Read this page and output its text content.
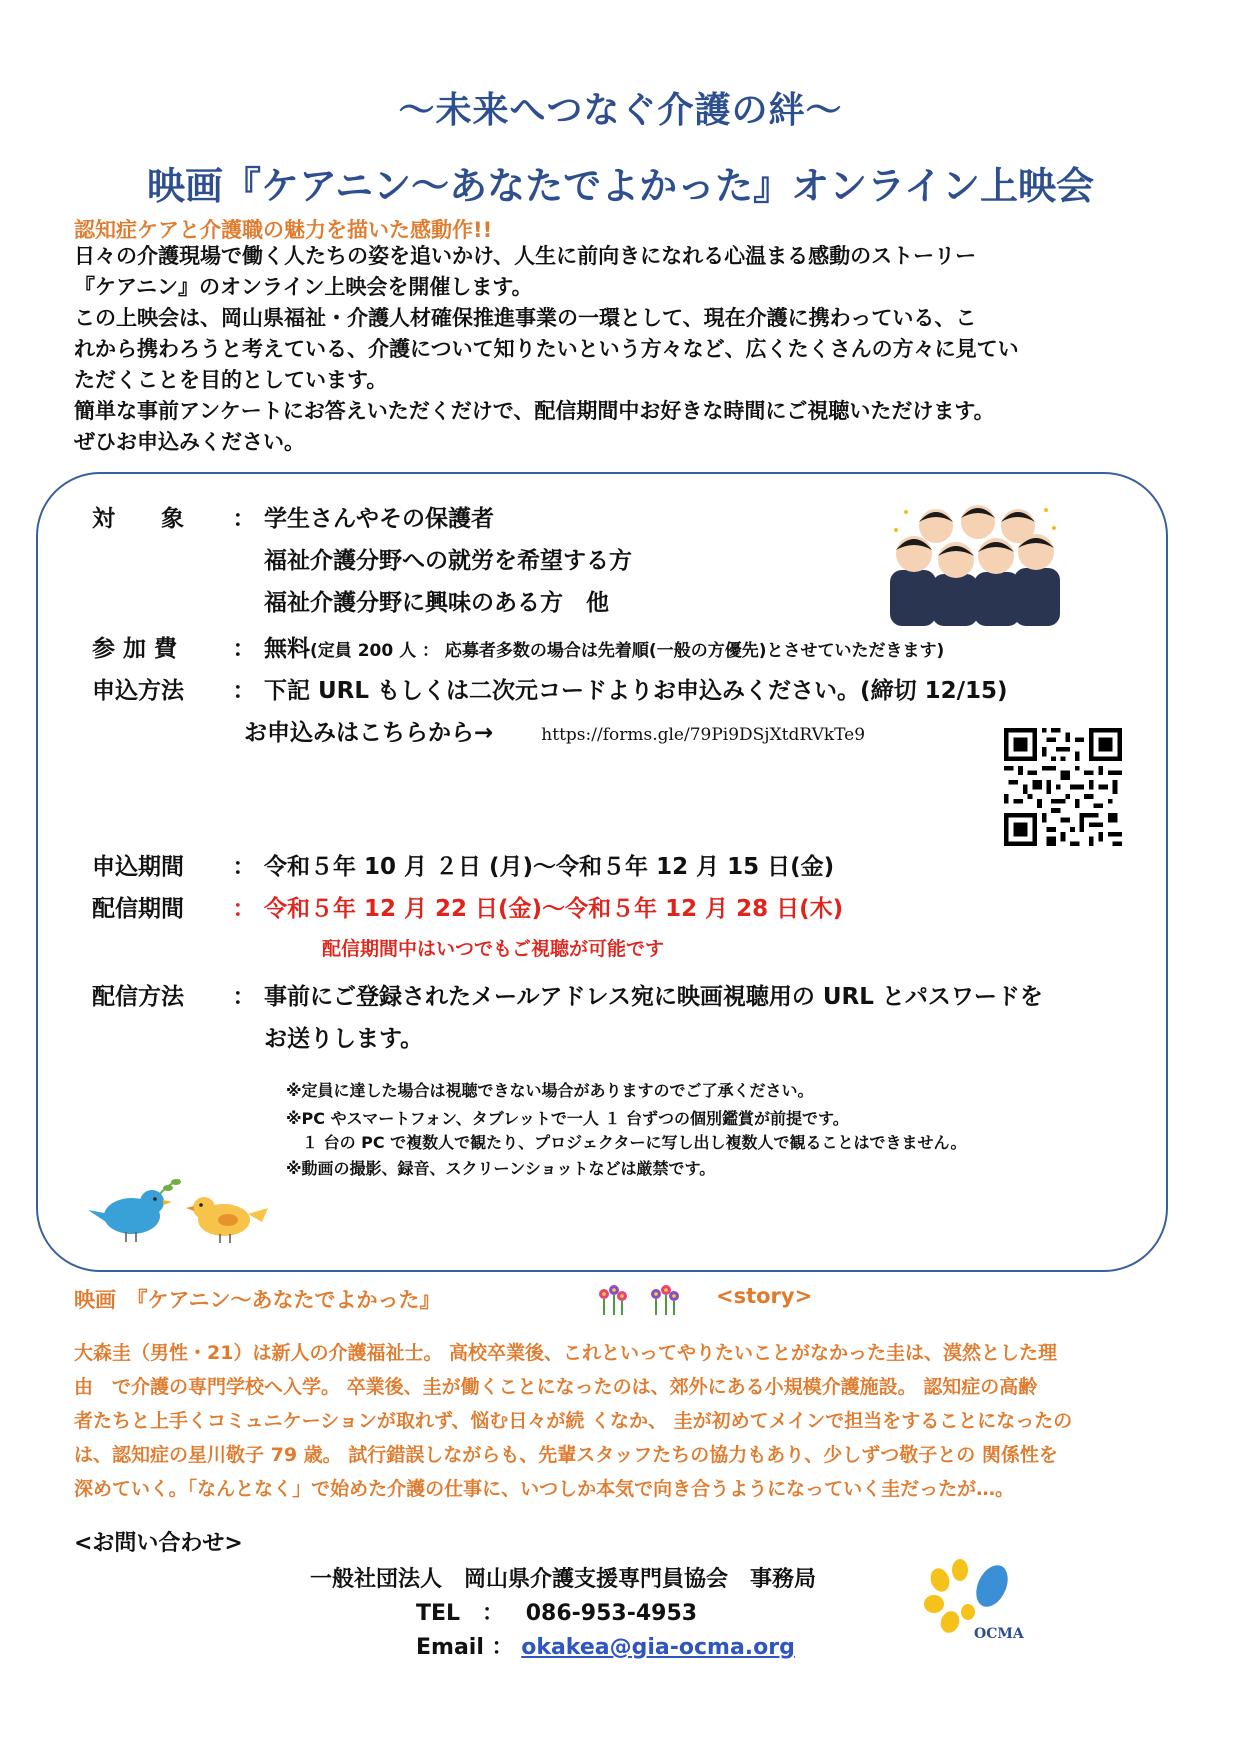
～未来へつなぐ介護の絆～
映画『ケアニン～あなたでよかった』オンライン上映会
認知症ケアと介護職の魅力を描いた感動作!!

日々の介護現場で働く人たちの姿を追いかけ、人生に前向きになれる心温まる感動のストーリー

『ケアニン』のオンライン上映会を開催します。

この上映会は、岡山県福祉・介護人材確保推進事業の一環として、現在介護に携わっている、こ

れから携わろうと考えている、介護について知りたいという方々など、広くたくさんの方々に見てい

ただくことを目的としています。

簡単な事前アンケートにお答えいただくだけで、配信期間中お好きな時間にご視聴いただけます。

ぜひお申込みください。

対　　象 ： 学生さんやその保護者
福祉介護分野への就労を希望する方
福祉介護分野に興味のある方　他
参 加 費 ： 無料(定員 200 人 ： 応募者多数の場合は先着順(一般の方優先)とさせていただきます)
申込方法 ： 下記 URL もしくは二次元コードよりお申込みください。(締切 12/15)
お申込みはこちらから→	https://forms.gle/79Pi9DSjXtdRVkTe9
申込期間 ： 令和５年 10 月 ２日 (月)～令和５年 12 月 15 日(金)
配信期間 ： 令和５年 12 月 22 日(金)～令和５年 12 月 28 日(木)
配信期間中はいつでもご視聴が可能です
配信方法 ： 事前にご登録されたメールアドレス宛に映画視聴用の URL とパスワードを
お送りします。
※定員に達した場合は視聴できない場合がありますのでご了承ください。
※PC やスマートフォン、タブレットで一人 １ 台ずつの個別鑑賞が前提です。
　１ 台の PC で複数人で観たり、プロジェクターに写し出し複数人で観ることはできません。
※動画の撮影、録音、スクリーンショットなどは厳禁です。
映画　『ケアニン～あなたでよかった』	<story>

大森圭（男性・21）は新人の介護福祉士。 高校卒業後、これといってやりたいことがなかった圭は、漠然とした理

由　で介護の専門学校へ入学。 卒業後、圭が働くことになったのは、郊外にある小規模介護施設。 認知症の高齢

者たちと上手くコミュニケーションが取れず、悩む日々が続 くなか、 圭が初めてメインで担当をすることになったの

は、認知症の星川敬子 79 歳。 試行錯誤しながらも、先輩スタッフたちの協力もあり、少しずつ敬子との 関係性を

深めていく。「なんとなく」で始めた介護の仕事に、いつしか本気で向き合うようになっていく圭だったが…。

<お問い合わせ>
一般社団法人　岡山県介護支援専門員協会　事務局
TEL　： 086-953-4953
Email ： okakea@gia-ocma.org
OCMA
